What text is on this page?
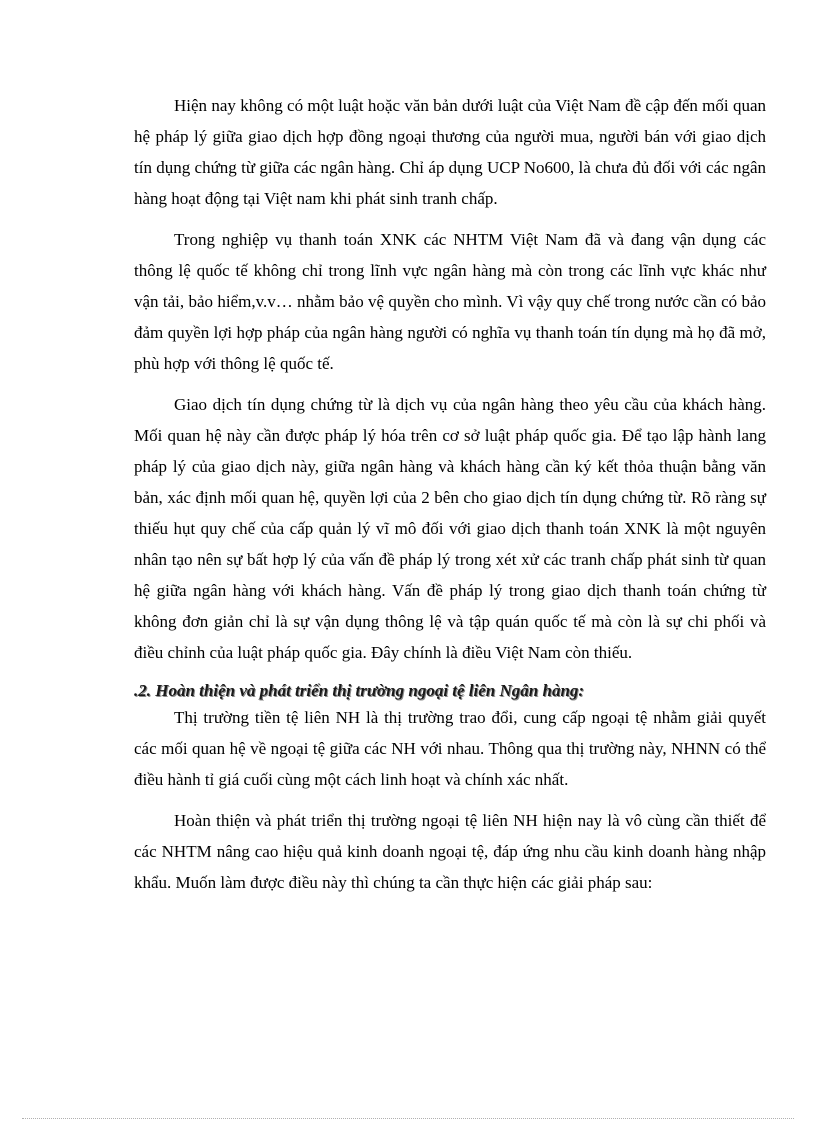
Hiện nay không có một luật hoặc văn bản dưới luật của Việt Nam đề cập đến mối quan hệ pháp lý giữa giao dịch hợp đồng ngoại thương của người mua, người bán với giao dịch tín dụng chứng từ giữa các ngân hàng. Chỉ áp dụng UCP No600, là chưa đủ đối với các ngân hàng hoạt động tại Việt nam khi phát sinh tranh chấp.

Trong nghiệp vụ thanh toán XNK các NHTM Việt Nam đã và đang vận dụng các thông lệ quốc tế không chỉ trong lĩnh vực ngân hàng mà còn trong các lĩnh vực khác như vận tải, bảo hiểm,v.v… nhằm bảo vệ quyền cho mình. Vì vậy quy chế trong nước cần có bảo đảm quyền lợi hợp pháp của ngân hàng người có nghĩa vụ thanh toán tín dụng mà họ đã mở, phù hợp với thông lệ quốc tế.

Giao dịch tín dụng chứng từ là dịch vụ của ngân hàng theo yêu cầu của khách hàng. Mối quan hệ này cần được pháp lý hóa trên cơ sở luật pháp quốc gia. Để tạo lập hành lang pháp lý của giao dịch này, giữa ngân hàng và khách hàng cần ký kết thỏa thuận bằng văn bản, xác định mối quan hệ, quyền lợi của 2 bên cho giao dịch tín dụng chứng từ. Rõ ràng sự thiếu hụt quy chế của cấp quản lý vĩ mô đối với giao dịch thanh toán XNK là một nguyên nhân tạo nên sự bất hợp lý của vấn đề pháp lý trong xét xử các tranh chấp phát sinh từ quan hệ giữa ngân hàng với khách hàng. Vấn đề pháp lý trong giao dịch thanh toán chứng từ không đơn giản chỉ là sự vận dụng thông lệ và tập quán quốc tế mà còn là sự chi phối và điều chỉnh của luật pháp quốc gia. Đây chính là điều Việt Nam còn thiếu.

.2. Hoàn thiện và phát triển thị trường ngoại tệ liên Ngân hàng:

Thị trường tiền tệ liên NH là thị trường trao đổi, cung cấp ngoại tệ nhằm giải quyết các mối quan hệ về ngoại tệ giữa các NH với nhau. Thông qua thị trường này, NHNN có thể điều hành tỉ giá cuối cùng một cách linh hoạt và chính xác nhất.

Hoàn thiện và phát triển thị trường ngoại tệ liên NH hiện nay là vô cùng cần thiết để các NHTM nâng cao hiệu quả kinh doanh ngoại tệ, đáp ứng nhu cầu kinh doanh hàng nhập khẩu. Muốn làm được điều này thì chúng ta cần thực hiện các giải pháp sau:
